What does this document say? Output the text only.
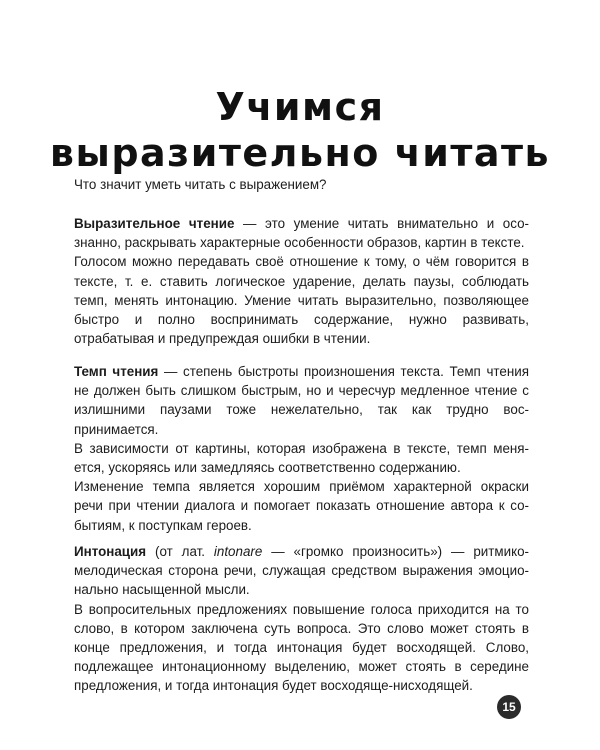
Учимся
выразительно читать

Что значит уметь читать с выражением?

Выразительное чтение — это умение читать внимательно и осознанно, раскрывать характерные особенности образов, картин в тексте.

Голосом можно передавать своё отношение к тому, о чём говорится в тексте, т. е. ставить логическое ударение, делать паузы, соблюдать темп, менять интонацию. Умение читать выразительно, позволяющее быстро и полно воспринимать содержание, нужно развивать, отрабатывая и предупреждая ошибки в чтении.

Темп чтения — степень быстроты произношения текста. Темп чтения не должен быть слишком быстрым, но и чересчур медленное чтение с излишними паузами тоже нежелательно, так как трудно воспринимается.

В зависимости от картины, которая изображена в тексте, темп меняется, ускоряясь или замедляясь соответственно содержанию.

Изменение темпа является хорошим приёмом характерной окраски речи при чтении диалога и помогает показать отношение автора к событиям, к поступкам героев.

Интонация (от лат. intonare — «громко произносить») — ритмико-мелодическая сторона речи, служащая средством выражения эмоционально насыщенной мысли.

В вопросительных предложениях повышение голоса приходится на то слово, в котором заключена суть вопроса. Это слово может стоять в конце предложения, и тогда интонация будет восходящей. Слово, подлежащее интонационному выделению, может стоять в середине предложения, и тогда интонация будет восходяще-нисходящей.

15
